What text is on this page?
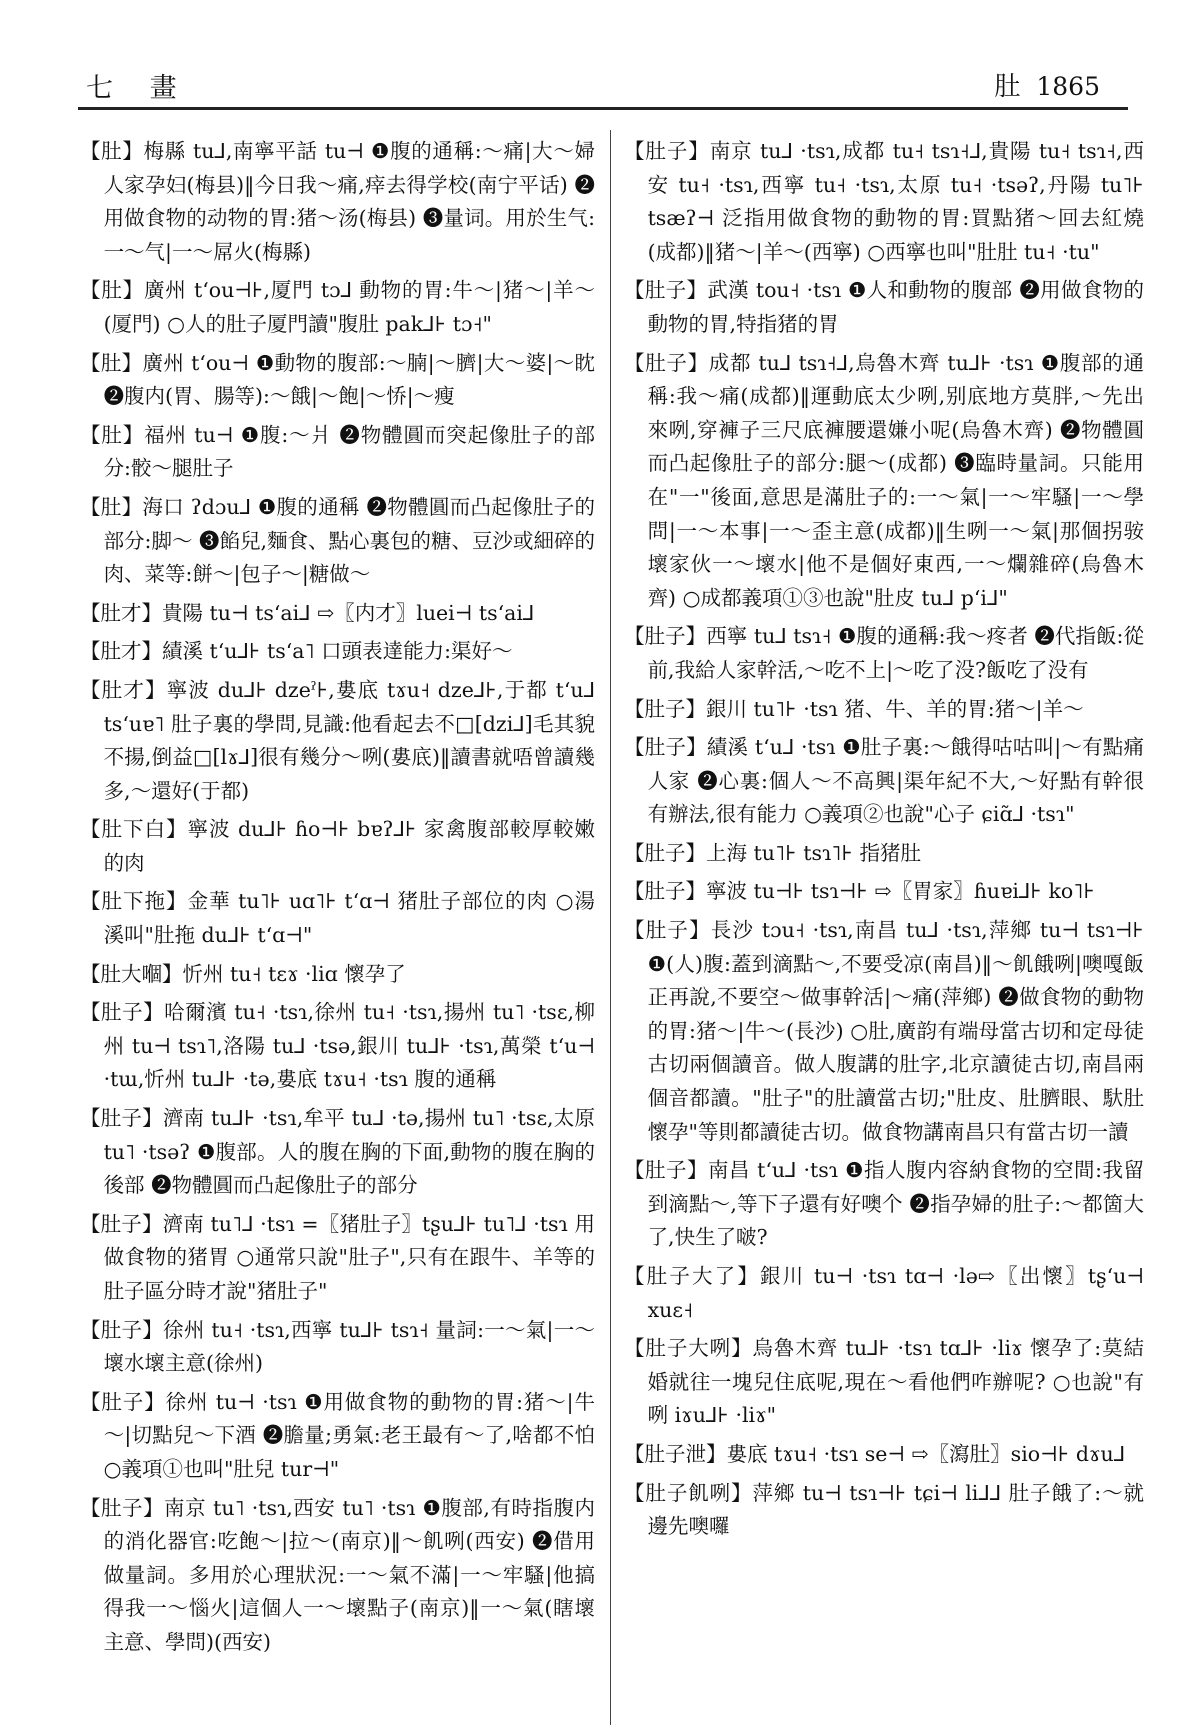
七 畫	肚 1865

【肚】梅縣 tu⅃,南寧平話 tu⊣ ❶腹的通稱:～痛|大～婦人家孕妇(梅县)‖今日我～痛,㾕去得学校(南宁平话) ❷用做食物的动物的胃:猪～汤(梅县) ❸量词。用於生气:一～气|一～屌火(梅縣)

【肚】廣州 tʻou⊣⊦,厦門 tɔ⅃ 動物的胃:牛～|猪～|羊～(厦門) ○人的肚子厦門讀"腹肚 pak⅃⊦ tɔ˧"

【肚】廣州 tʻou⊣ ❶動物的腹部:～腩|～臍|大～婆|～眈 ❷腹内(胃、腸等):～餓|～飽|～㤭|～瘦

【肚】福州 tu⊣ ❶腹:～爿 ❷物體圓而突起像肚子的部分:骹～腿肚子

【肚】海口 ʔdɔu⅃ ❶腹的通稱 ❷物體圓而凸起像肚子的部分:脚～ ❸餡兒,麵食、點心裏包的糖、豆沙或細碎的肉、菜等:餅～|包子～|糖做～

【肚才】貴陽 tu⊣ tsʻai⅃ ⇨〖内才〗luei⊣ tsʻai⅃

【肚才】績溪 tʻu⅃⊦ tsʻa˥ 口頭表達能力:渠好～

【肚才】寧波 du⅃⊦ dzeˀ⊦,婁底 tɤu˧ dze⅃⊦,于都 tʻu⅃ tsʻuɐ˥ 肚子裏的學問,見識:他看起去不□[dzi⅃]毛其貌不揚,倒益□[lɤ⅃]很有幾分～咧(婁底)‖讀書就唔曾讀幾多,～還好(于都)

【肚下白】寧波 du⅃⊦ ɦo⊣⊦ bɐʔ⅃⊦ 家禽腹部較厚較嫩的肉

【肚下拖】金華 tu˥⊦ uɑ˥⊦ tʻɑ⊣ 猪肚子部位的肉 ○湯溪叫"肚拖 du⅃⊦ tʻɑ⊣"

【肚大嗰】忻州 tu˧ tɛɤ ·liɑ 懷孕了

【肚子】哈爾濱 tu˧ ·tsɿ,徐州 tu˧ ·tsɿ,揚州 tu˥ ·tsɛ,柳州 tu⊣ tsɿ˥,洛陽 tu⅃ ·tsə,銀川 tu⅃⊦ ·tsɿ,萬榮 tʻu⊣ ·tɯ,忻州 tu⅃⊦ ·tə,婁底 tɤu˧ ·tsɿ 腹的通稱

【肚子】濟南 tu⅃⊦ ·tsɿ,牟平 tu⅃ ·tə,揚州 tu˥ ·tsɛ,太原 tu˥ ·tsəʔ ❶腹部。人的腹在胸的下面,動物的腹在胸的後部 ❷物體圓而凸起像肚子的部分

【肚子】濟南 tu˥⅃ ·tsɿ =〖猪肚子〗tʂu⅃⊦ tu˥⅃ ·tsɿ 用做食物的猪胃 ○通常只說"肚子",只有在跟牛、羊等的肚子區分時才說"猪肚子"

【肚子】徐州 tu˧ ·tsɿ,西寧 tu⅃⊦ tsɿ˧ 量詞:一～氣|一～壞水壞主意(徐州)

【肚子】徐州 tu⊣ ·tsɿ ❶用做食物的動物的胃:猪～|牛～|切點兒～下酒 ❷膽量;勇氣:老王最有～了,啥都不怕 ○義項①也叫"肚兒 tur⊣"

【肚子】南京 tu˥ ·tsɿ,西安 tu˥ ·tsɿ ❶腹部,有時指腹内的消化器官:吃飽～|拉～(南京)‖～飢咧(西安) ❷借用做量詞。多用於心理狀況:一～氣不滿|一～牢騷|他搞得我一～惱火|這個人一～壞點子(南京)‖一～氣(瞎壞主意、學問)(西安)

【肚子】南京 tu⅃ ·tsɿ,成都 tu˧ tsɿ˧⅃,貴陽 tu˧ tsɿ˧,西安 tu˧ ·tsɿ,西寧 tu˧ ·tsɿ,太原 tu˧ ·tsəʔ,丹陽 tu˥⊦ tsæʔ⊣ 泛指用做食物的動物的胃:買點猪～回去紅燒(成都)‖猪～|羊～(西寧) ○西寧也叫"肚肚 tu˧ ·tu"

【肚子】武漢 tou˧ ·tsɿ ❶人和動物的腹部 ❷用做食物的動物的胃,特指猪的胃

【肚子】成都 tu⅃ tsɿ˧⅃,烏魯木齊 tu⅃⊦ ·tsɿ ❶腹部的通稱:我～痛(成都)‖運動底太少咧,别底地方莫胖,～先出來咧,穿褲子三尺底褲腰還嫌小呢(烏魯木齊) ❷物體圓而凸起像肚子的部分:腿～(成都) ❸臨時量詞。只能用在"一"後面,意思是滿肚子的:一～氣|一～牢騷|一～學問|一～本事|一～歪主意(成都)‖生咧一～氣|那個拐䯃壞家伙一～壞水|他不是個好東西,一～爛雜碎(烏魯木齊) ○成都義項①③也說"肚皮 tu⅃ pʻi⅃"

【肚子】西寧 tu⅃ tsɿ˧ ❶腹的通稱:我～疼者 ❷代指飯:從前,我給人家幹活,～吃不上|～吃了没?飯吃了没有

【肚子】銀川 tu˥⊦ ·tsɿ 猪、牛、羊的胃:猪～|羊～

【肚子】績溪 tʻu⅃ ·tsɿ ❶肚子裏:～餓得咕咕叫|～有點痛人家 ❷心裏:個人～不高興|渠年紀不大,～好點有幹很有辦法,很有能力 ○義項②也說"心子 ɕiɑ̃⅃ ·tsɿ"

【肚子】上海 tu˥⊦ tsɿ˥⊦ 指猪肚

【肚子】寧波 tu⊣⊦ tsɿ⊣⊦ ⇨〖胃家〗ɦuɐi⅃⊦ ko˥⊦

【肚子】長沙 tɔu˧ ·tsɿ,南昌 tu⅃ ·tsɿ,萍鄉 tu⊣ tsɿ⊣⊦ ❶(人)腹:蓋到滴點～,不要受凉(南昌)‖～飢餓咧|噢嘎飯正再說,不要空～做事幹活|～痛(萍鄉) ❷做食物的動物的胃:猪～|牛～(長沙) ○肚,廣韵有端母當古切和定母徒古切兩個讀音。做人腹講的肚字,北京讀徒古切,南昌兩個音都讀。"肚子"的肚讀當古切;"肚皮、肚臍眼、馱肚懷孕"等則都讀徒古切。做食物講南昌只有當古切一讀

【肚子】南昌 tʻu⅃ ·tsɿ ❶指人腹内容納食物的空間:我留到滴點～,等下子還有好噢个 ❷指孕婦的肚子:～都箇大了,快生了啵?

【肚子大了】銀川 tu⊣ ·tsɿ tɑ⊣ ·lə⇨〖出懷〗tʂʻu⊣ xuɛ˧

【肚子大咧】烏魯木齊 tu⅃⊦ ·tsɿ tɑ⅃⊦ ·liɤ 懷孕了:莫結婚就往一塊兒住底呢,現在～看他們咋辦呢? ○也說"有咧 iɤu⅃⊦ ·liɤ"

【肚子泄】婁底 tɤu˧ ·tsɿ se⊣ ⇨〖瀉肚〗sio⊣⊦ dɤu⅃

【肚子飢咧】萍鄉 tu⊣ tsɿ⊣⊦ tɕi⊣ li⅃⅃ 肚子餓了:～就邊先噢囉
